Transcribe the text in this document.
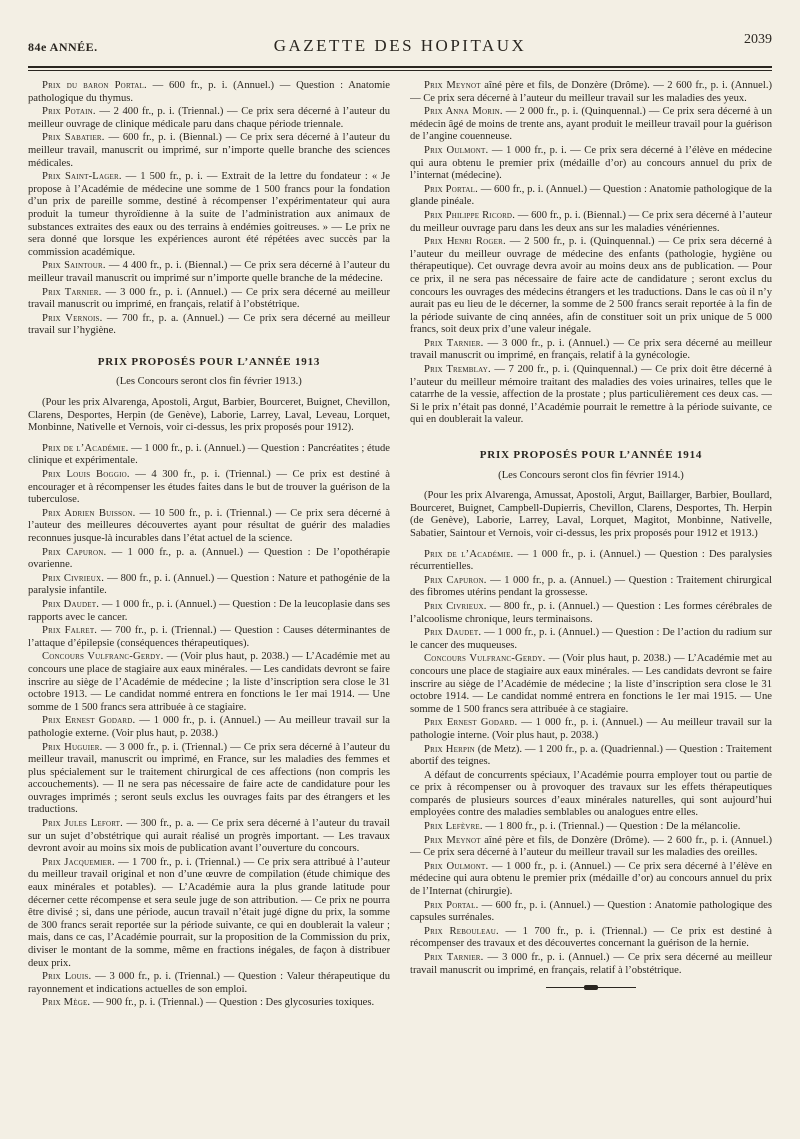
84e ANNÉE.	GAZETTE DES HOPITAUX	2039

Prix du baron Portal. — 600 fr., p. i. (Annuel.) — Question : Anatomie pathologique du thymus.

Prix Potain. — 2 400 fr., p. i. (Triennal.) — Ce prix sera décerné à l’auteur du meilleur ouvrage de clinique médicale paru dans chaque période triennale.

Prix Sabatier. — 600 fr., p. i. (Biennal.) — Ce prix sera décerné à l’auteur du meilleur travail, manuscrit ou imprimé, sur n’importe quelle branche des sciences médicales.

Prix Saint-Lager. — 1 500 fr., p. i. — Extrait de la lettre du fondateur : « Je propose à l’Académie de médecine une somme de 1 500 francs pour la fondation d’un prix de pareille somme, destiné à récompenser l’expérimentateur qui aura produit la tumeur thyroïdienne à la suite de l’administration aux animaux de substances extraites des eaux ou des terrains à endémies goitreuses. » — Le prix ne sera donné que lorsque les expériences auront été répétées avec succès par la commission académique.

Prix Saintour. — 4 400 fr., p. i. (Biennal.) — Ce prix sera décerné à l’auteur du meilleur travail manuscrit ou imprimé sur n’importe quelle branche de la médecine.

Prix Tarnier. — 3 000 fr., p. i. (Annuel.) — Ce prix sera décerné au meilleur travail manuscrit ou imprimé, en français, relatif à l’obstétrique.

Prix Vernois. — 700 fr., p. a. (Annuel.) — Ce prix sera décerné au meilleur travail sur l’hygiène.

PRIX PROPOSÉS POUR L’ANNÉE 1913
(Les Concours seront clos fin février 1913.)

(Pour les prix Alvarenga, Apostoli, Argut, Barbier, Bourceret, Buignet, Chevillon, Clarens, Desportes, Herpin (de Genève), Laborie, Larrey, Laval, Leveau, Lorquet, Monbinne, Nativelle et Vernois, voir ci-dessus, les prix proposés pour 1912).

Prix de l’Académie. — 1 000 fr., p. i. (Annuel.) — Question : Pancréatites ; étude clinique et expérimentale.

Prix Louis Boggio. — 4 300 fr., p. i. (Triennal.) — Ce prix est destiné à encourager et à récompenser les études faites dans le but de trouver la guérison de la tuberculose.

Prix Adrien Buisson. — 10 500 fr., p. i. (Triennal.) — Ce prix sera décerné à l’auteur des meilleures découvertes ayant pour résultat de guérir des maladies reconnues jusque-là incurables dans l’état actuel de la science.

Prix Capuron. — 1 000 fr., p. a. (Annuel.) — Question : De l’opothérapie ovarienne.

Prix Civrieux. — 800 fr., p. i. (Annuel.) — Question : Nature et pathogénie de la paralysie infantile.

Prix Daudet. — 1 000 fr., p. i. (Annuel.) — Question : De la leucoplasie dans ses rapports avec le cancer.

Prix Falret. — 700 fr., p. i. (Triennal.) — Question : Causes déterminantes de l’attaque d’épilepsie (conséquences thérapeutiques).

Concours Vulfranc-Gerdy. — (Voir plus haut, p. 2038.) — L’Académie met au concours une place de stagiaire aux eaux minérales. — Les candidats devront se faire inscrire au siège de l’Académie de médecine ; la liste d’inscription sera close le 31 octobre 1913. — Le candidat nommé entrera en fonctions le 1er mai 1914. — Une somme de 1 500 francs sera attribuée à ce stagiaire.

Prix Ernest Godard. — 1 000 fr., p. i. (Annuel.) — Au meilleur travail sur la pathologie externe. (Voir plus haut, p. 2038.)

Prix Huguier. — 3 000 fr., p. i. (Triennal.) — Ce prix sera décerné à l’auteur du meilleur travail, manuscrit ou imprimé, en France, sur les maladies des femmes et plus spécialement sur le traitement chirurgical de ces affections (non compris les accouchements). — Il ne sera pas nécessaire de faire acte de candidature pour les ouvrages imprimés ; seront seuls exclus les ouvrages faits par des étrangers et les traductions.

Prix Jules Lefort. — 300 fr., p. a. — Ce prix sera décerné à l’auteur du travail sur un sujet d’obstétrique qui aurait réalisé un progrès important. — Les travaux devront avoir au moins six mois de publication avant l’ouverture du concours.

Prix Jacquemier. — 1 700 fr., p. i. (Triennal.) — Ce prix sera attribué à l’auteur du meilleur travail original et non d’une œuvre de compilation (étude chimique des eaux minérales et potables). — L’Académie aura la plus grande latitude pour décerner cette récompense et sera seule juge de son attribution. — Ce prix ne pourra être divisé ; si, dans une période, aucun travail n’était jugé digne du prix, la somme de 300 francs serait reportée sur la période suivante, ce qui en doublerait la valeur ; mais, dans ce cas, l’Académie pourrait, sur la proposition de la Commission du prix, diviser le montant de la somme, même en fractions inégales, de façon à distribuer deux prix.

Prix Louis. — 3 000 fr., p. i. (Triennal.) — Question : Valeur thérapeutique du rayonnement et indications actuelles de son emploi.

Prix Mège. — 900 fr., p. i. (Triennal.) — Question : Des glycosuries toxiques.

Prix Meynot aîné père et fils, de Donzère (Drôme). — 2 600 fr., p. i. (Annuel.) — Ce prix sera décerné à l’auteur du meilleur travail sur les maladies des yeux.

Prix Anna Morin. — 2 000 fr., p. i. (Quinquennal.) — Ce prix sera décerné à un médecin âgé de moins de trente ans, ayant produit le meilleur travail pour la guérison de l’angine couenneuse.

Prix Oulmont. — 1 000 fr., p. i. — Ce prix sera décerné à l’élève en médecine qui aura obtenu le premier prix (médaille d’or) au concours annuel du prix de l’internat (médecine).

Prix Portal. — 600 fr., p. i. (Annuel.) — Question : Anatomie pathologique de la glande pinéale.

Prix Philippe Ricord. — 600 fr., p. i. (Biennal.) — Ce prix sera décerné à l’auteur du meilleur ouvrage paru dans les deux ans sur les maladies vénériennes.

Prix Henri Roger. — 2 500 fr., p. i. (Quinquennal.) — Ce prix sera décerné à l’auteur du meilleur ouvrage de médecine des enfants (pathologie, hygiène ou thérapeutique). Cet ouvrage devra avoir au moins deux ans de publication. — Pour ce prix, il ne sera pas nécessaire de faire acte de candidature ; seront exclus du concours les ouvrages des médecins étrangers et les traductions. Dans le cas où il n’y aurait pas eu lieu de le décerner, la somme de 2 500 francs serait reportée à la fin de la période suivante de cinq années, afin de constituer soit un prix unique de 5 000 francs, soit deux prix d’une valeur inégale.

Prix Tarnier. — 3 000 fr., p. i. (Annuel.) — Ce prix sera décerné au meilleur travail manuscrit ou imprimé, en français, relatif à la gynécologie.

Prix Tremblay. — 7 200 fr., p. i. (Quinquennal.) — Ce prix doit être décerné à l’auteur du meilleur mémoire traitant des maladies des voies urinaires, telles que le catarrhe de la vessie, affection de la prostate ; plus particulièrement ces deux cas. — Si le prix n’était pas donné, l’Académie pourrait le remettre à la période suivante, ce qui en doublerait la valeur.

PRIX PROPOSÉS POUR L’ANNÉE 1914
(Les Concours seront clos fin février 1914.)

(Pour les prix Alvarenga, Amussat, Apostoli, Argut, Baillarger, Barbier, Boullard, Bourceret, Buignet, Campbell-Dupierris, Chevillon, Clarens, Desportes, Th. Herpin (de Genève), Laborie, Larrey, Laval, Lorquet, Magitot, Monbinne, Nativelle, Sabatier, Saintour et Vernois, voir ci-dessus, les prix proposés pour 1912 et 1913.)

Prix de l’Académie. — 1 000 fr., p. i. (Annuel.) — Question : Des paralysies récurrentielles.

Prix Capuron. — 1 000 fr., p. a. (Annuel.) — Question : Traitement chirurgical des fibromes utérins pendant la grossesse.

Prix Civrieux. — 800 fr., p. i. (Annuel.) — Question : Les formes cérébrales de l’alcoolisme chronique, leurs terminaisons.

Prix Daudet. — 1 000 fr., p. i. (Annuel.) — Question : De l’action du radium sur le cancer des muqueuses.

Concours Vulfranc-Gerdy. — (Voir plus haut, p. 2038.) — L’Académie met au concours une place de stagiaire aux eaux minérales. — Les candidats devront se faire inscrire au siège de l’Académie de médecine ; la liste d’inscription sera close le 31 octobre 1914. — Le candidat nommé entrera en fonctions le 1er mai 1915. — Une somme de 1 500 francs sera attribuée à ce stagiaire.

Prix Ernest Godard. — 1 000 fr., p. i. (Annuel.) — Au meilleur travail sur la pathologie interne. (Voir plus haut, p. 2038.)

Prix Herpin (de Metz). — 1 200 fr., p. a. (Quadriennal.) — Question : Traitement abortif des teignes.

A défaut de concurrents spéciaux, l’Académie pourra employer tout ou partie de ce prix à récompenser ou à provoquer des travaux sur les effets thérapeutiques comparés de plusieurs sources d’eaux minérales naturelles, qui sont aujourd’hui employées contre des maladies semblables ou analogues entre elles.

Prix Lefèvre. — 1 800 fr., p. i. (Triennal.) — Question : De la mélancolie.

Prix Meynot aîné père et fils, de Donzère (Drôme). — 2 600 fr., p. i. (Annuel.) — Ce prix sera décerné à l’auteur du meilleur travail sur les maladies des oreilles.

Prix Oulmont. — 1 000 fr., p. i. (Annuel.) — Ce prix sera décerné à l’élève en médecine qui aura obtenu le premier prix (médaille d’or) au concours annuel du prix de l’Internat (chirurgie).

Prix Portal. — 600 fr., p. i. (Annuel.) — Question : Anatomie pathologique des capsules surrénales.

Prix Rebouleau. — 1 700 fr., p. i. (Triennal.) — Ce prix est destiné à récompenser des travaux et des découvertes concernant la guérison de la hernie.

Prix Tarnier. — 3 000 fr., p. i. (Annuel.) — Ce prix sera décerné au meilleur travail manuscrit ou imprimé, en français, relatif à l’obstétrique.
